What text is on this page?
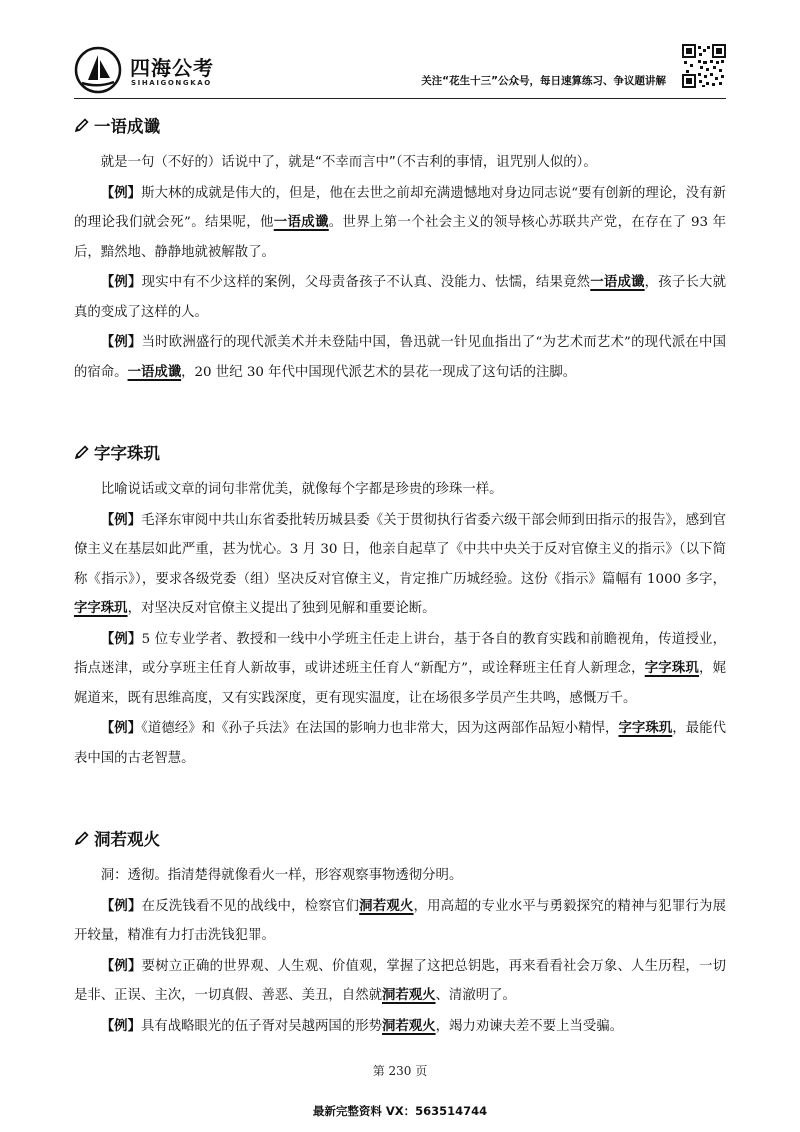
四海公考
SIHAIGONGKAO	关注“花生十三”公众号，每日速算练习、争议题讲解
一语成谶

就是一句（不好的）话说中了，就是“不幸而言中”（不吉利的事情，诅咒别人似的）。

【例】斯大林的成就是伟大的，但是，他在去世之前却充满遗憾地对身边同志说“要有创新的理论，没有新的理论我们就会死”。结果呢，他一语成谶。世界上第一个社会主义的领导核心苏联共产党，在存在了 93 年后，黯然地、静静地就被解散了。

【例】现实中有不少这样的案例，父母责备孩子不认真、没能力、怯懦，结果竟然一语成谶，孩子长大就真的变成了这样的人。

【例】当时欧洲盛行的现代派美术并未登陆中国，鲁迅就一针见血指出了“为艺术而艺术”的现代派在中国的宿命。一语成谶，20 世纪 30 年代中国现代派艺术的昙花一现成了这句话的注脚。

字字珠玑

比喻说话或文章的词句非常优美，就像每个字都是珍贵的珍珠一样。

【例】毛泽东审阅中共山东省委批转历城县委《关于贯彻执行省委六级干部会师到田指示的报告》，感到官僚主义在基层如此严重，甚为忧心。3 月 30 日，他亲自起草了《中共中央关于反对官僚主义的指示》（以下简称《指示》），要求各级党委（组）坚决反对官僚主义，肯定推广历城经验。这份《指示》篇幅有 1000 多字，字字珠玑，对坚决反对官僚主义提出了独到见解和重要论断。

【例】5 位专业学者、教授和一线中小学班主任走上讲台，基于各自的教育实践和前瞻视角，传道授业，指点迷津，或分享班主任育人新故事，或讲述班主任育人“新配方”，或诠释班主任育人新理念，字字珠玑，娓娓道来，既有思维高度，又有实践深度，更有现实温度，让在场很多学员产生共鸣，感慨万千。

【例】《道德经》和《孙子兵法》在法国的影响力也非常大，因为这两部作品短小精悍，字字珠玑，最能代表中国的古老智慧。

洞若观火

洞：透彻。指清楚得就像看火一样，形容观察事物透彻分明。

【例】在反洗钱看不见的战线中，检察官们洞若观火，用高超的专业水平与勇毅探究的精神与犯罪行为展开较量，精准有力打击洗钱犯罪。

【例】要树立正确的世界观、人生观、价值观，掌握了这把总钥匙，再来看看社会万象、人生历程，一切是非、正误、主次，一切真假、善恶、美丑，自然就洞若观火、清澈明了。

【例】具有战略眼光的伍子胥对吴越两国的形势洞若观火，竭力劝谏夫差不要上当受骗。

第 230 页
最新完整资料 VX：563514744
